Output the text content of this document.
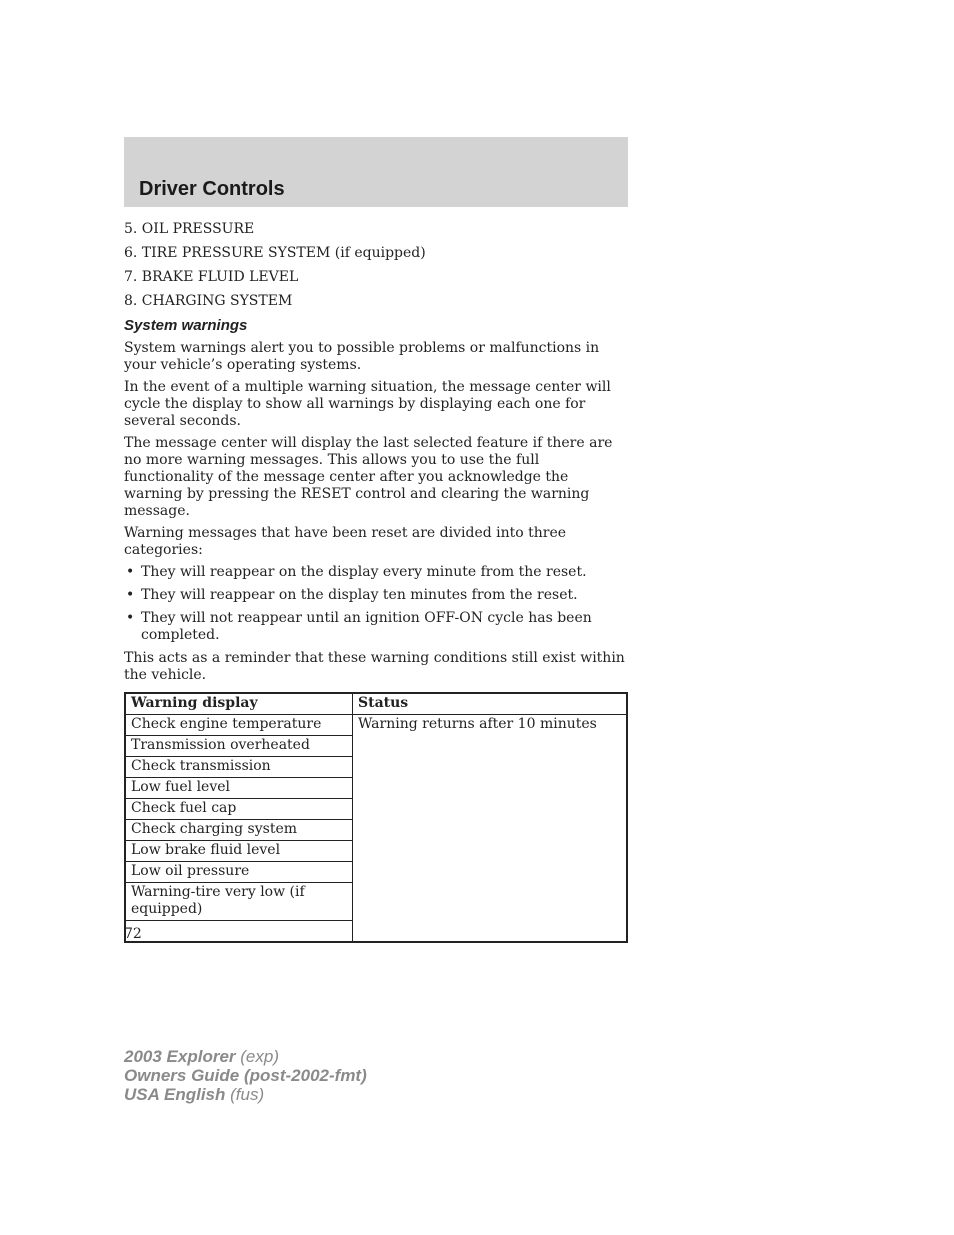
Driver Controls

5. OIL PRESSURE

6. TIRE PRESSURE SYSTEM (if equipped)

7. BRAKE FLUID LEVEL

8. CHARGING SYSTEM

System warnings

System warnings alert you to possible problems or malfunctions in your vehicle’s operating systems.

In the event of a multiple warning situation, the message center will cycle the display to show all warnings by displaying each one for several seconds.

The message center will display the last selected feature if there are no more warning messages. This allows you to use the full functionality of the message center after you acknowledge the warning by pressing the RESET control and clearing the warning message.

Warning messages that have been reset are divided into three categories:

• They will reappear on the display every minute from the reset.
• They will reappear on the display ten minutes from the reset.
• They will not reappear until an ignition OFF-ON cycle has been completed.

This acts as a reminder that these warning conditions still exist within the vehicle.

Warning display	Status
Check engine temperature	Warning returns after 10 minutes
Transmission overheated	
Check transmission	
Low fuel level	
Check fuel cap	
Check charging system	
Low brake fluid level	
Low oil pressure	
Warning-tire very low (if equipped)	

72
2003 Explorer (exp)
Owners Guide (post-2002-fmt)
USA English (fus)
